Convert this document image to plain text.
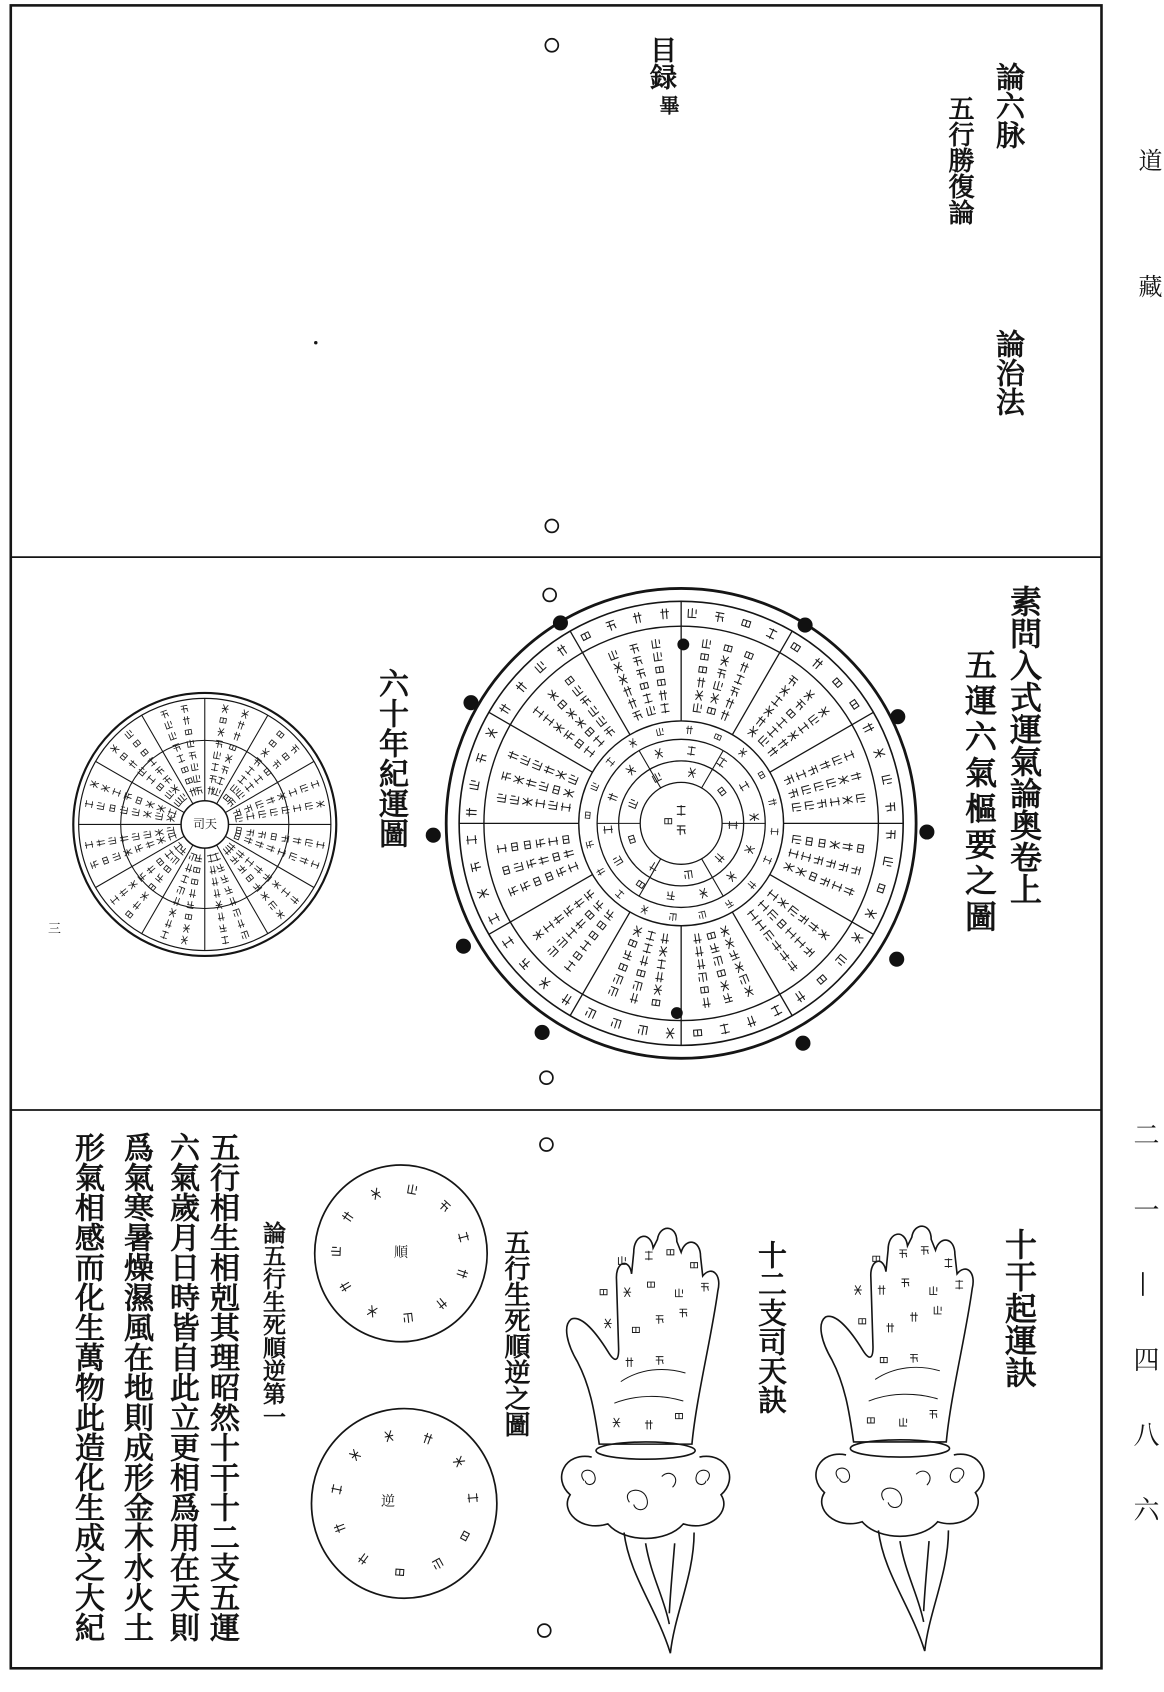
道
藏
二一—四八六
論六脉
五行勝復論
論治法
目録
畢
素問入式運氣論奥卷上
五運六氣樞要之圖
六十年紀運圖
司天
三
十干起運訣
十二支司天訣
五行生死順逆之圖
順
逆
論五行生死順逆第一
五行相生相剋其理昭然十干十二支五運
六氣歲月日時皆自此立更相爲用在天則
爲氣寒暑燥濕風在地則成形金木水火土
形氣相感而化生萬物此造化生成之大紀
